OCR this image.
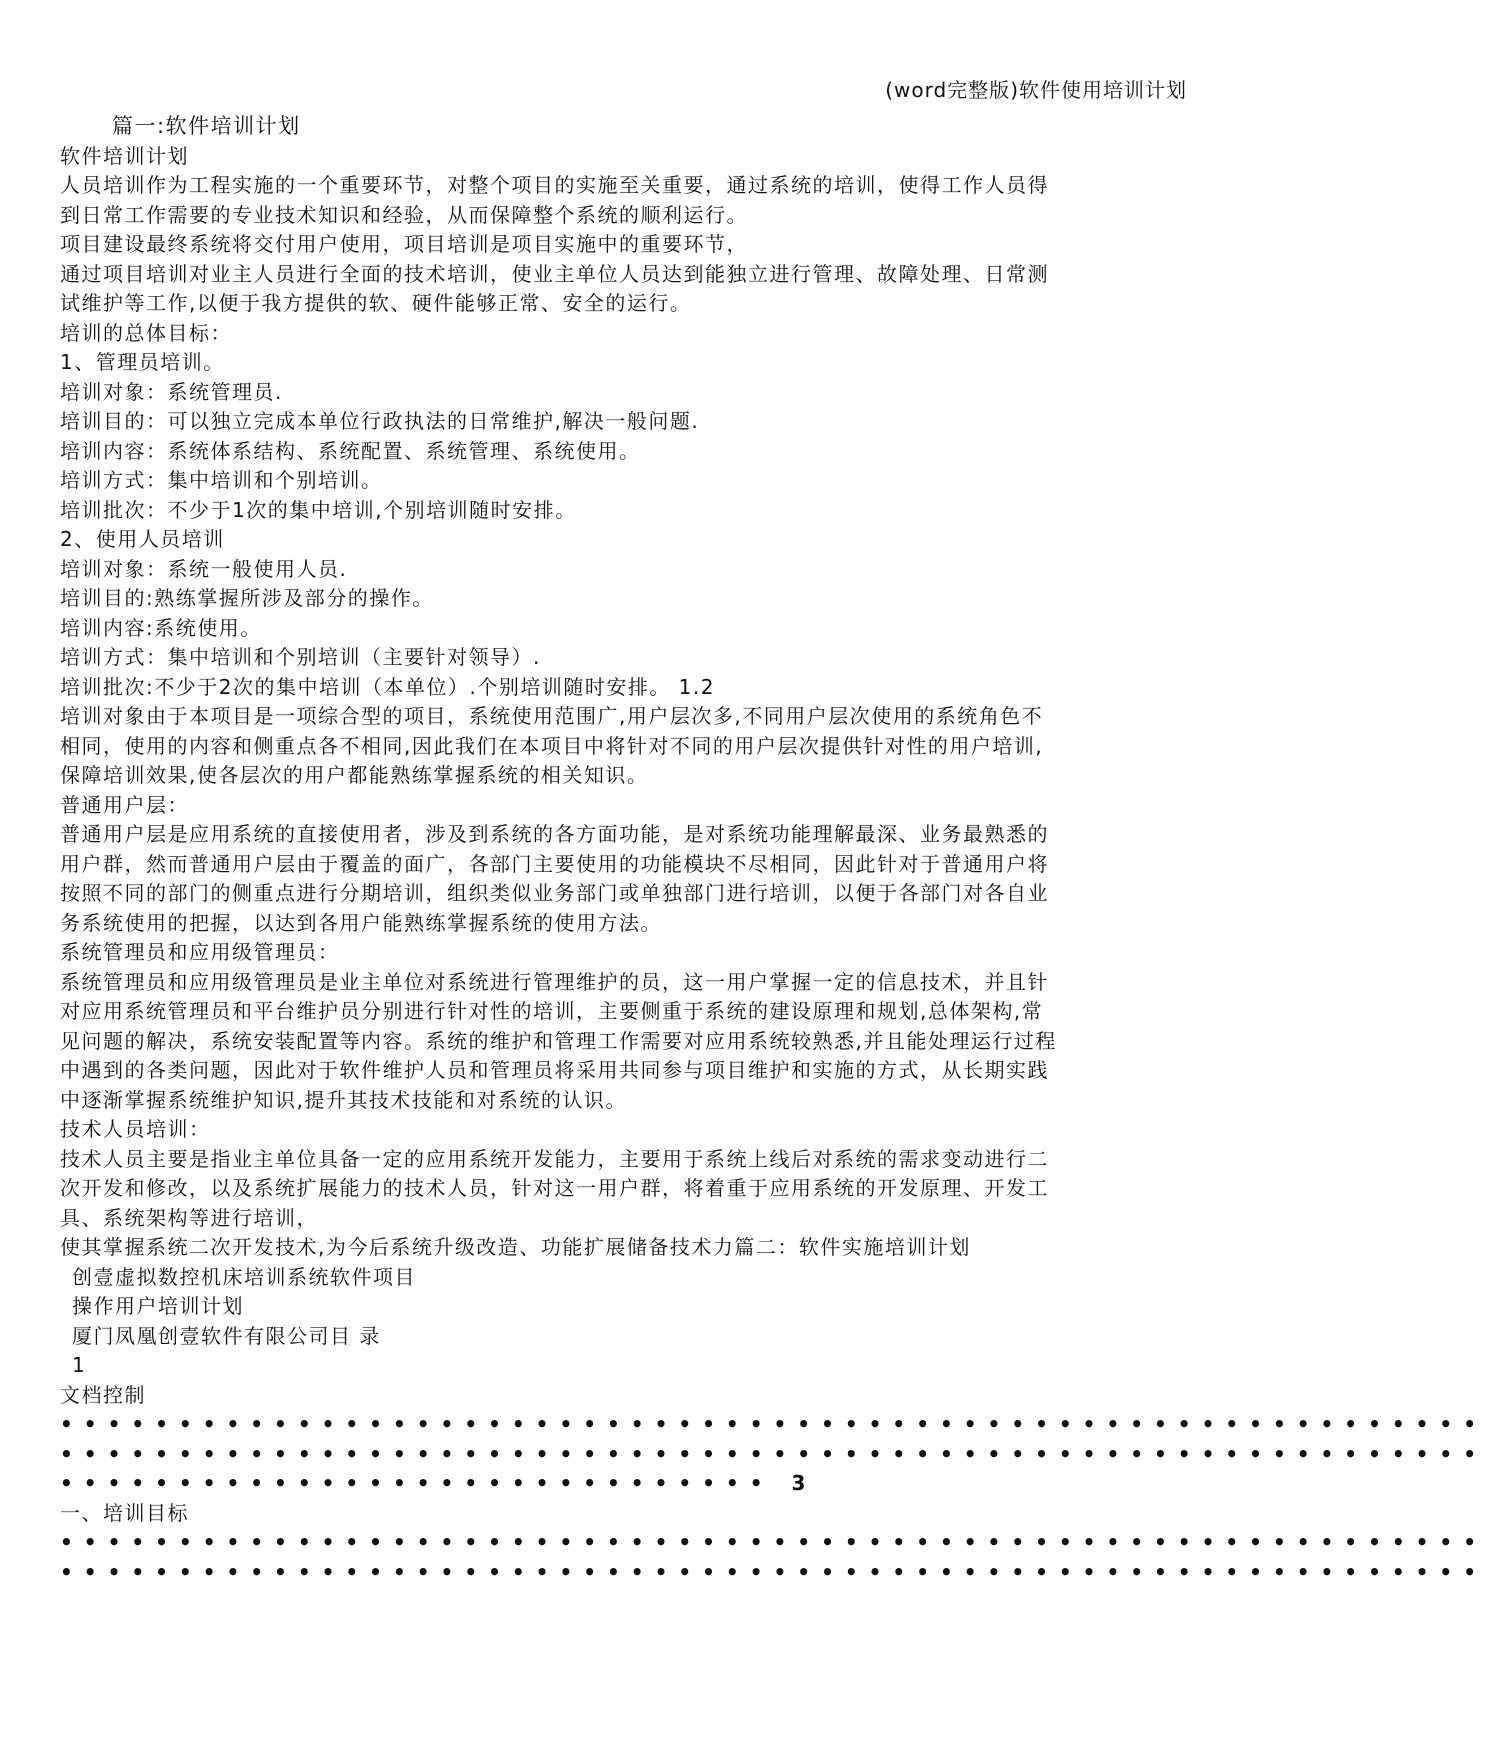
(word完整版)软件使用培训计划
篇一:软件培训计划
软件培训计划
人员培训作为工程实施的一个重要环节，对整个项目的实施至关重要，通过系统的培训，使得工作人员得
到日常工作需要的专业技术知识和经验，从而保障整个系统的顺利运行。
项目建设最终系统将交付用户使用，项目培训是项目实施中的重要环节，
通过项目培训对业主人员进行全面的技术培训，使业主单位人员达到能独立进行管理、故障处理、日常测
试维护等工作,以便于我方提供的软、硬件能够正常、安全的运行。
培训的总体目标：
1、管理员培训。
培训对象：系统管理员.
培训目的：可以独立完成本单位行政执法的日常维护,解决一般问题.
培训内容：系统体系结构、系统配置、系统管理、系统使用。
培训方式：集中培训和个别培训。
培训批次：不少于1次的集中培训,个别培训随时安排。
2、使用人员培训
培训对象：系统一般使用人员.
培训目的:熟练掌握所涉及部分的操作。
培训内容:系统使用。
培训方式：集中培训和个别培训（主要针对领导）.
培训批次:不少于2次的集中培训（本单位）.个别培训随时安排。 1.2
培训对象由于本项目是一项综合型的项目，系统使用范围广,用户层次多,不同用户层次使用的系统角色不
相同，使用的内容和侧重点各不相同,因此我们在本项目中将针对不同的用户层次提供针对性的用户培训,
保障培训效果,使各层次的用户都能熟练掌握系统的相关知识。
普通用户层：
普通用户层是应用系统的直接使用者，涉及到系统的各方面功能，是对系统功能理解最深、业务最熟悉的
用户群，然而普通用户层由于覆盖的面广，各部门主要使用的功能模块不尽相同，因此针对于普通用户将
按照不同的部门的侧重点进行分期培训，组织类似业务部门或单独部门进行培训，以便于各部门对各自业
务系统使用的把握，以达到各用户能熟练掌握系统的使用方法。
系统管理员和应用级管理员：
系统管理员和应用级管理员是业主单位对系统进行管理维护的员，这一用户掌握一定的信息技术，并且针
对应用系统管理员和平台维护员分别进行针对性的培训，主要侧重于系统的建设原理和规划,总体架构,常
见问题的解决，系统安装配置等内容。系统的维护和管理工作需要对应用系统较熟悉,并且能处理运行过程
中遇到的各类问题，因此对于软件维护人员和管理员将采用共同参与项目维护和实施的方式，从长期实践
中逐渐掌握系统维护知识,提升其技术技能和对系统的认识。
技术人员培训：
技术人员主要是指业主单位具备一定的应用系统开发能力，主要用于系统上线后对系统的需求变动进行二
次开发和修改，以及系统扩展能力的技术人员，针对这一用户群，将着重于应用系统的开发原理、开发工
具、系统架构等进行培训，
使其掌握系统二次开发技术,为今后系统升级改造、功能扩展储备技术力篇二：软件实施培训计划
创壹虚拟数控机床培训系统软件项目
操作用户培训计划
厦门凤凰创壹软件有限公司目 录
1
文档控制
••••••••••••••••••••••••••••••••••••••••••••••••••••••••••••
••••••••••••••••••••••••••••••••••••••••••••••••••••••••••••
•••••••••••••••••••••••••••••• 3
一、培训目标
••••••••••••••••••••••••••••••••••••••••••••••••••••••••••••
••••••••••••••••••••••••••••••••••••••••••••••••••••••••••••
